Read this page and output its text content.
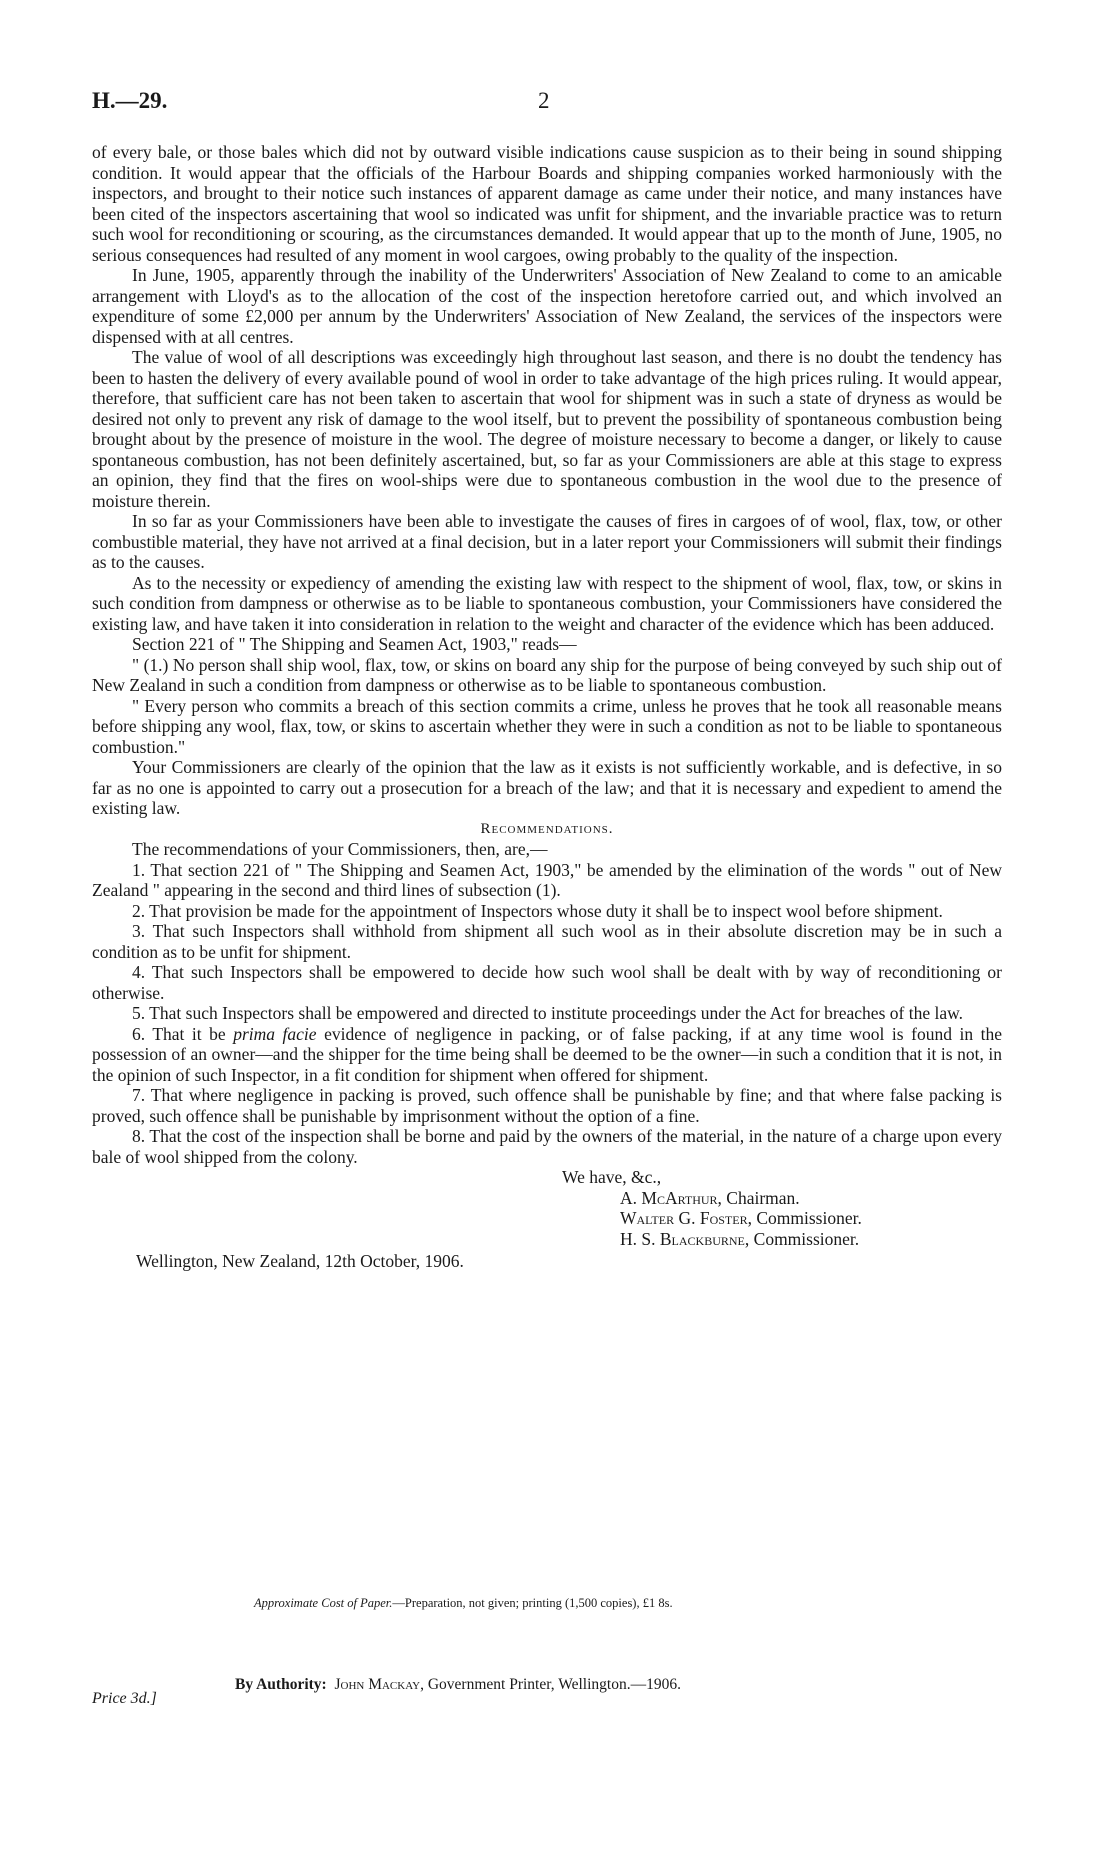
H.—29.	2

of every bale, or those bales which did not by outward visible indications cause suspicion as to their being in sound shipping condition. It would appear that the officials of the Harbour Boards and shipping companies worked harmoniously with the inspectors, and brought to their notice such instances of apparent damage as came under their notice, and many instances have been cited of the inspectors ascertaining that wool so indicated was unfit for shipment, and the invariable practice was to return such wool for reconditioning or scouring, as the circumstances demanded. It would appear that up to the month of June, 1905, no serious consequences had resulted of any moment in wool cargoes, owing probably to the quality of the inspection.

In June, 1905, apparently through the inability of the Underwriters' Association of New Zealand to come to an amicable arrangement with Lloyd's as to the allocation of the cost of the inspection heretofore carried out, and which involved an expenditure of some £2,000 per annum by the Underwriters' Association of New Zealand, the services of the inspectors were dispensed with at all centres.

The value of wool of all descriptions was exceedingly high throughout last season, and there is no doubt the tendency has been to hasten the delivery of every available pound of wool in order to take advantage of the high prices ruling. It would appear, therefore, that sufficient care has not been taken to ascertain that wool for shipment was in such a state of dryness as would be desired not only to prevent any risk of damage to the wool itself, but to prevent the possibility of spontaneous combustion being brought about by the presence of moisture in the wool. The degree of moisture necessary to become a danger, or likely to cause spontaneous combustion, has not been definitely ascertained, but, so far as your Commissioners are able at this stage to express an opinion, they find that the fires on wool-ships were due to spontaneous combustion in the wool due to the presence of moisture therein.

In so far as your Commissioners have been able to investigate the causes of fires in cargoes of of wool, flax, tow, or other combustible material, they have not arrived at a final decision, but in a later report your Commissioners will submit their findings as to the causes.

As to the necessity or expediency of amending the existing law with respect to the shipment of wool, flax, tow, or skins in such condition from dampness or otherwise as to be liable to spontaneous combustion, your Commissioners have considered the existing law, and have taken it into consideration in relation to the weight and character of the evidence which has been adduced.

Section 221 of " The Shipping and Seamen Act, 1903," reads—

" (1.) No person shall ship wool, flax, tow, or skins on board any ship for the purpose of being conveyed by such ship out of New Zealand in such a condition from dampness or otherwise as to be liable to spontaneous combustion.

" Every person who commits a breach of this section commits a crime, unless he proves that he took all reasonable means before shipping any wool, flax, tow, or skins to ascertain whether they were in such a condition as not to be liable to spontaneous combustion."

Your Commissioners are clearly of the opinion that the law as it exists is not sufficiently workable, and is defective, in so far as no one is appointed to carry out a prosecution for a breach of the law; and that it is necessary and expedient to amend the existing law.

Recommendations.

The recommendations of your Commissioners, then, are,—

1. That section 221 of " The Shipping and Seamen Act, 1903," be amended by the elimination of the words " out of New Zealand " appearing in the second and third lines of subsection (1).

2. That provision be made for the appointment of Inspectors whose duty it shall be to inspect wool before shipment.

3. That such Inspectors shall withhold from shipment all such wool as in their absolute discretion may be in such a condition as to be unfit for shipment.

4. That such Inspectors shall be empowered to decide how such wool shall be dealt with by way of reconditioning or otherwise.

5. That such Inspectors shall be empowered and directed to institute proceedings under the Act for breaches of the law.

6. That it be prima facie evidence of negligence in packing, or of false packing, if at any time wool is found in the possession of an owner—and the shipper for the time being shall be deemed to be the owner—in such a condition that it is not, in the opinion of such Inspector, in a fit condition for shipment when offered for shipment.

7. That where negligence in packing is proved, such offence shall be punishable by fine; and that where false packing is proved, such offence shall be punishable by imprisonment without the option of a fine.

8. That the cost of the inspection shall be borne and paid by the owners of the material, in the nature of a charge upon every bale of wool shipped from the colony.

We have, &c.,
A. McArthur, Chairman.
Walter G. Foster, Commissioner.
H. S. Blackburne, Commissioner.
Wellington, New Zealand, 12th October, 1906.
Approximate Cost of Paper.—Preparation, not given; printing (1,500 copies), £1 8s.
Price 3d.]
By Authority: John Mackay, Government Printer, Wellington.—1906.
